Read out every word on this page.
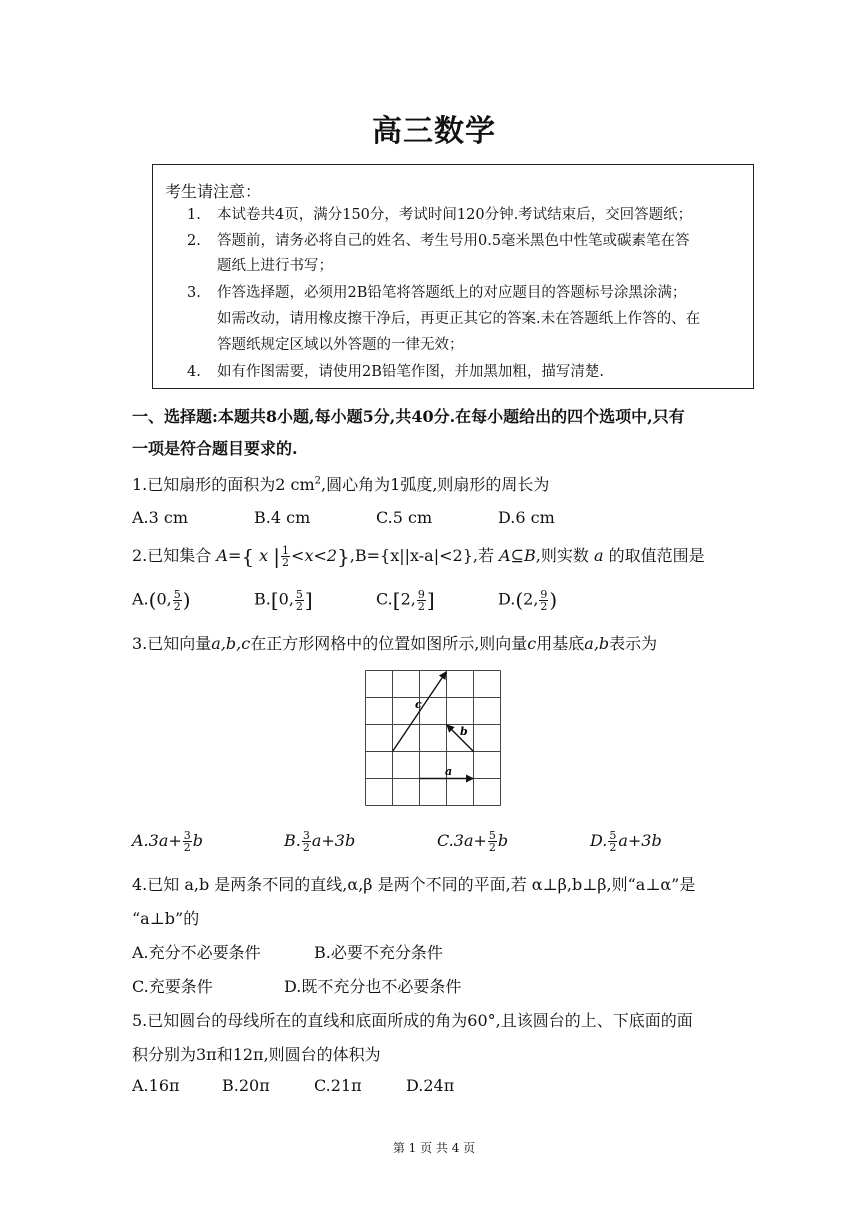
高三数学
考生请注意：
1. 本试卷共4页，满分150分，考试时间120分钟.考试结束后，交回答题纸；
2. 答题前，请务必将自己的姓名、考生号用0.5毫米黑色中性笔或碳素笔在答
题纸上进行书写；
3. 作答选择题，必须用2B铅笔将答题纸上的对应题目的答题标号涂黑涂满；
如需改动，请用橡皮擦干净后，再更正其它的答案.未在答题纸上作答的、在
答题纸规定区域以外答题的一律无效；
4. 如有作图需要，请使用2B铅笔作图，并加黑加粗，描写清楚.
一、选择题:本题共8小题,每小题5分,共40分.在每小题给出的四个选项中,只有
一项是符合题目要求的.
1.已知扇形的面积为2 $cm^2$,圆心角为1弧度,则扇形的周长为
A.3 cm	B.4 cm	C.5 cm	D.6 cm
2.已知集合 A={ x | $\frac{1}{2} <x<2\},B=\{x||x-a|<2\}$,若 A⊆B,则实数 a 的取值范围是
A.(0, $\frac{5}{2}$ )	B.[0, $\frac{5}{2}$ ]	C.[2, $\frac{9}{2}$ ]	D.(2, $\frac{9}{2}$ )
3.已知向量a,b,c在正方形网格中的位置如图所示,则向量c用基底a,b表示为
c
b
a
$A.3a+ \frac{3}{2}$ b	B. $\frac{3}{2} a+3b$	$C.3a+ \frac{5}{2}$ b	D. $\frac{5}{2} a+3b$
4.已知 a,b 是两条不同的直线,α,β 是两个不同的平面,若 α⊥β,b⊥β,则“a⊥α”是
“a⊥b”的
A.充分不必要条件	B.必要不充分条件
C.充要条件	D.既不充分也不必要条件
5.已知圆台的母线所在的直线和底面所成的角为60°,且该圆台的上、下底面的面
积分别为3π和12π,则圆台的体积为
A.16π	B.20π	C.21π	D.24π
第 1 页 共 4 页
